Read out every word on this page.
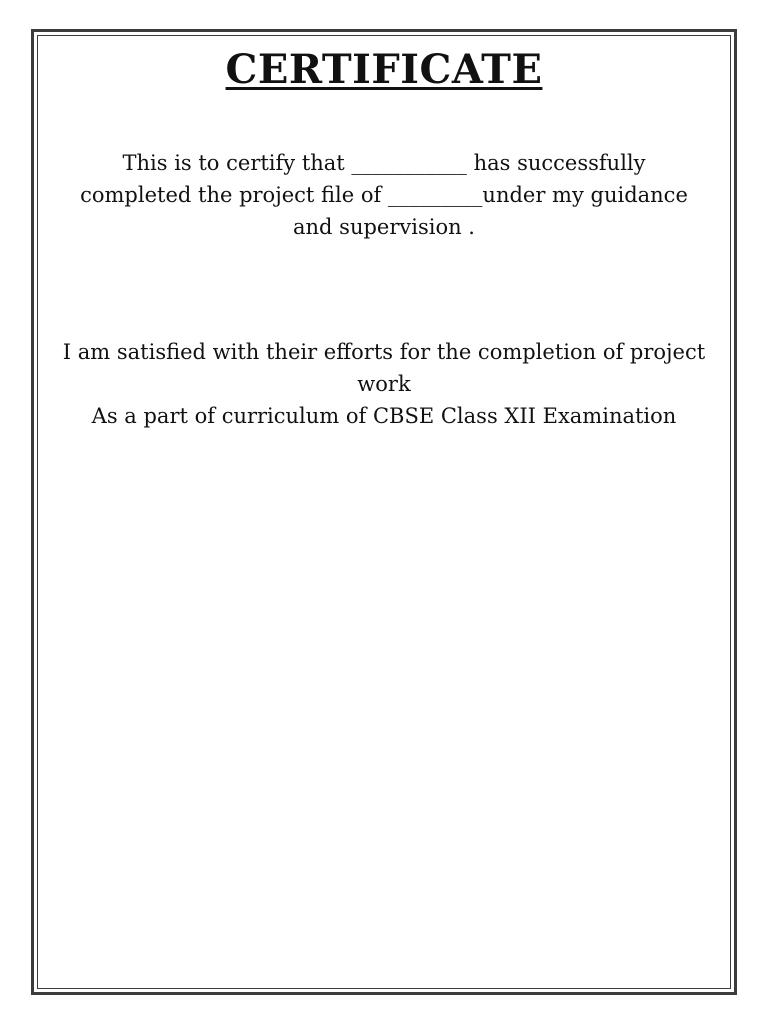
CERTIFICATE

This is to certify that ___________ has successfully
completed the project file of _________under my guidance
and supervision .

I am satisfied with their efforts for the completion of project
work
As a part of curriculum of CBSE Class XII Examination
